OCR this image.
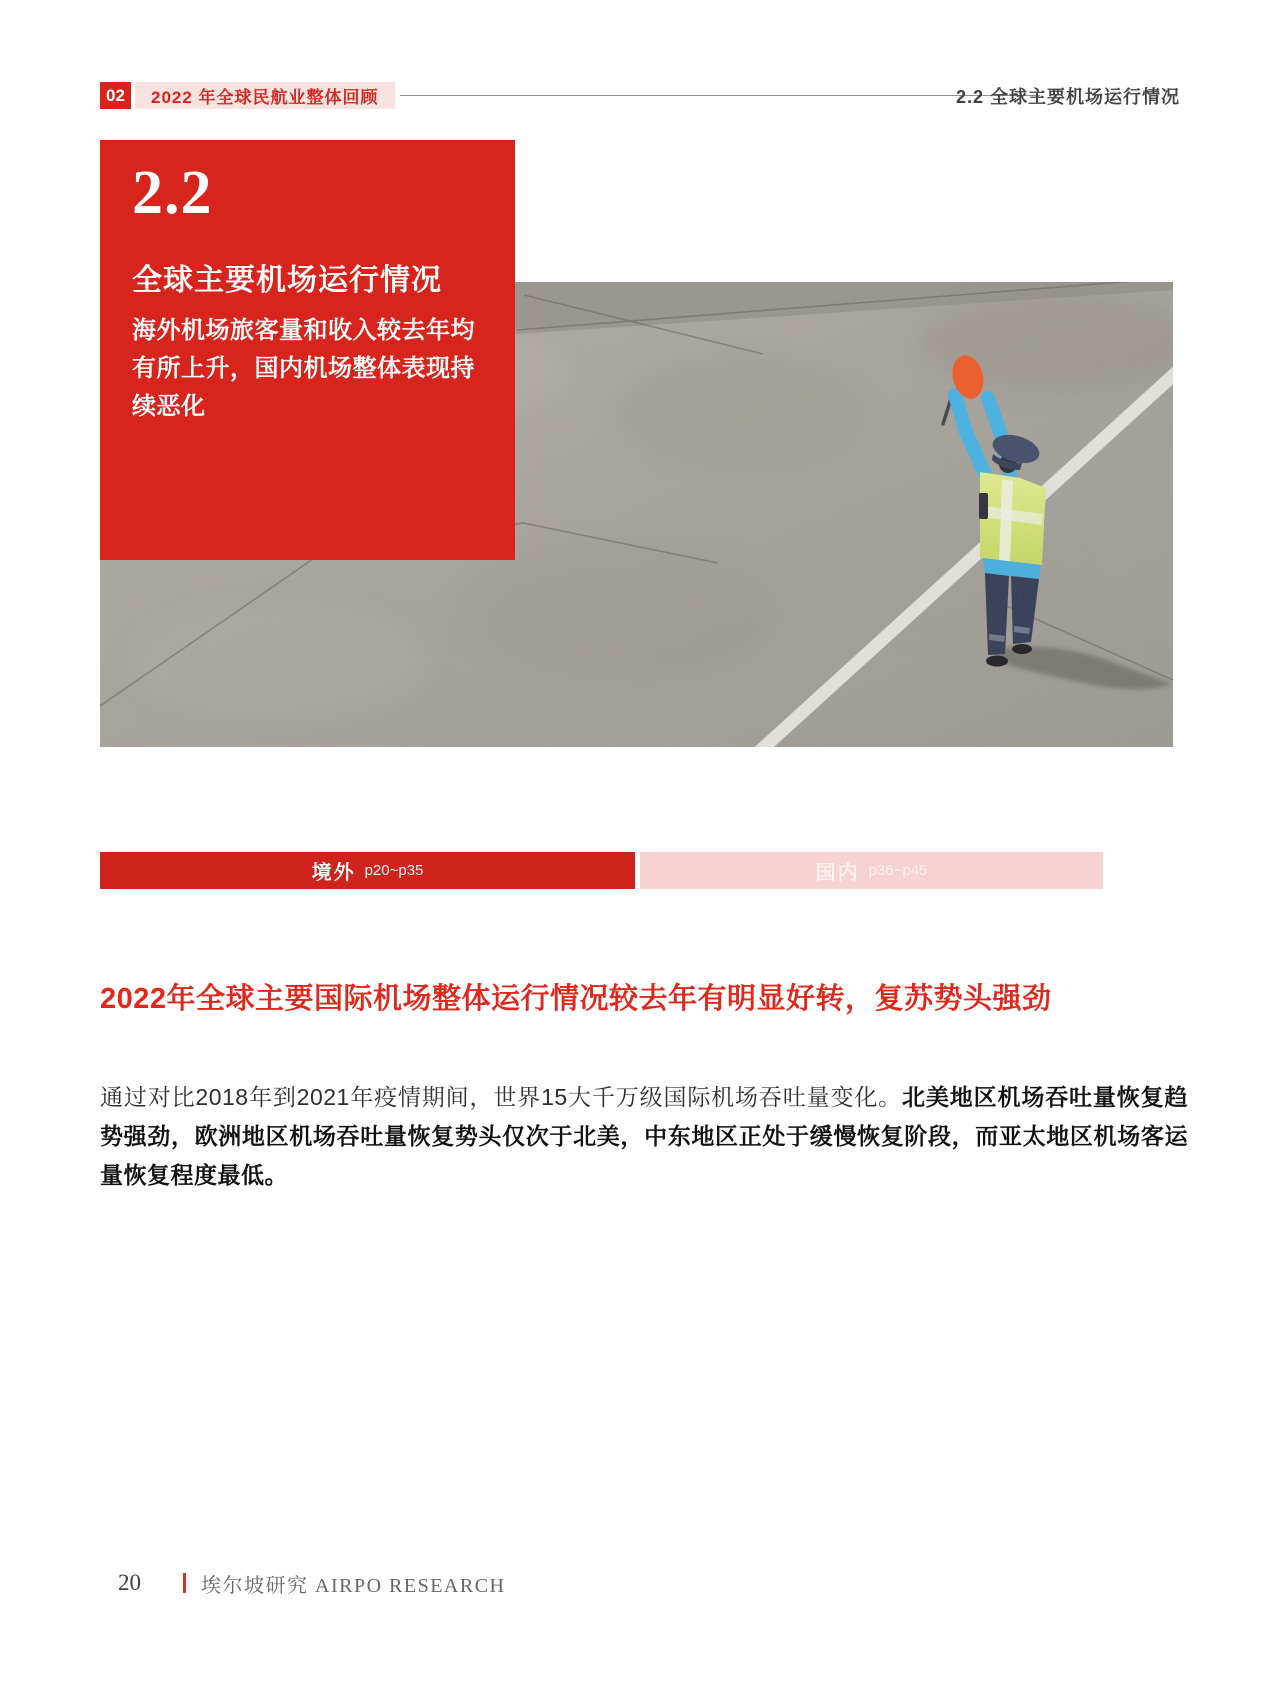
02	2022 年全球民航业整体回顾	2.2 全球主要机场运行情况
2.2
全球主要机场运行情况

海外机场旅客量和收入较去年均有所上升，国内机场整体表现持续恶化

境外 p20~p35	国内 p36~p45
2022年全球主要国际机场整体运行情况较去年有明显好转，复苏势头强劲

通过对比2018年到2021年疫情期间，世界15大千万级国际机场吞吐量变化。北美地区机场吞吐量恢复趋势强劲，欧洲地区机场吞吐量恢复势头仅次于北美，中东地区正处于缓慢恢复阶段，而亚太地区机场客运量恢复程度最低。

20	埃尔坡研究 AIRPO RESEARCH
